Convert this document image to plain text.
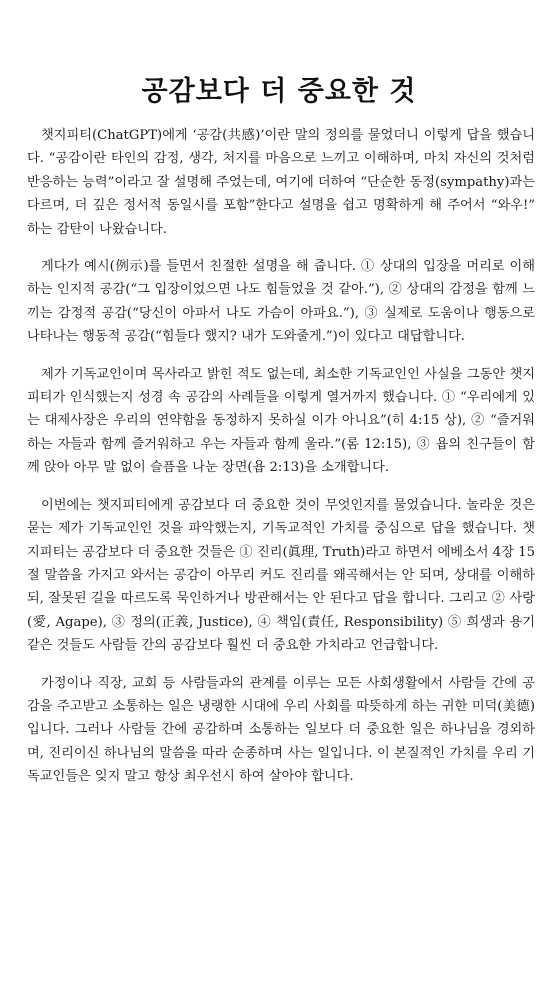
공감보다 더 중요한 것

챗지피티(ChatGPT)에게 ‘공감(共感)’이란 말의 정의를 물었더니 이렇게 답을 했습니다. “공감이란 타인의 감정, 생각, 처지를 마음으로 느끼고 이해하며, 마치 자신의 것처럼 반응하는 능력”이라고 잘 설명해 주었는데, 여기에 더하여 “단순한 동정(sympathy)과는 다르며, 더 깊은 정서적 동일시를 포함”한다고 설명을 쉽고 명확하게 해 주어서 “와우!” 하는 감탄이 나왔습니다.

게다가 예시(例示)를 들면서 친절한 설명을 해 줍니다. ① 상대의 입장을 머리로 이해하는 인지적 공감(“그 입장이었으면 나도 힘들었을 것 같아.”), ② 상대의 감정을 함께 느끼는 감정적 공감(“당신이 아파서 나도 가슴이 아파요.”), ③ 실제로 도움이나 행동으로 나타나는 행동적 공감(“힘들다 했지? 내가 도와줄게.”)이 있다고 대답합니다.

제가 기독교인이며 목사라고 밝힌 적도 없는데, 최소한 기독교인인 사실을 그동안 챗지피티가 인식했는지 성경 속 공감의 사례들을 이렇게 열거까지 했습니다. ① “우리에게 있는 대제사장은 우리의 연약함을 동정하지 못하실 이가 아니요”(히 4:15 상), ② “즐거워하는 자들과 함께 즐거워하고 우는 자들과 함께 울라.”(롬 12:15), ③ 욥의 친구들이 함께 앉아 아무 말 없이 슬픔을 나눈 장면(욥 2:13)을 소개합니다.

이번에는 챗지피티에게 공감보다 더 중요한 것이 무엇인지를 물었습니다. 놀라운 것은 묻는 제가 기독교인인 것을 파악했는지, 기독교적인 가치를 중심으로 답을 했습니다. 챗지피티는 공감보다 더 중요한 것들은 ① 진리(眞理, Truth)라고 하면서 에베소서 4장 15절 말씀을 가지고 와서는 공감이 아무리 커도 진리를 왜곡해서는 안 되며, 상대를 이해하되, 잘못된 길을 따르도록 묵인하거나 방관해서는 안 된다고 답을 합니다. 그리고 ② 사랑(愛, Agape), ③ 정의(正義, Justice), ④ 책임(責任, Responsibility) ⑤ 희생과 용기 같은 것들도 사람들 간의 공감보다 훨씬 더 중요한 가치라고 언급합니다.

가정이나 직장, 교회 등 사람들과의 관계를 이루는 모든 사회생활에서 사람들 간에 공감을 주고받고 소통하는 일은 냉랭한 시대에 우리 사회를 따뜻하게 하는 귀한 미덕(美德)입니다. 그러나 사람들 간에 공감하며 소통하는 일보다 더 중요한 일은 하나님을 경외하며, 진리이신 하나님의 말씀을 따라 순종하며 사는 일입니다. 이 본질적인 가치를 우리 기독교인들은 잊지 말고 항상 최우선시 하여 살아야 합니다.
